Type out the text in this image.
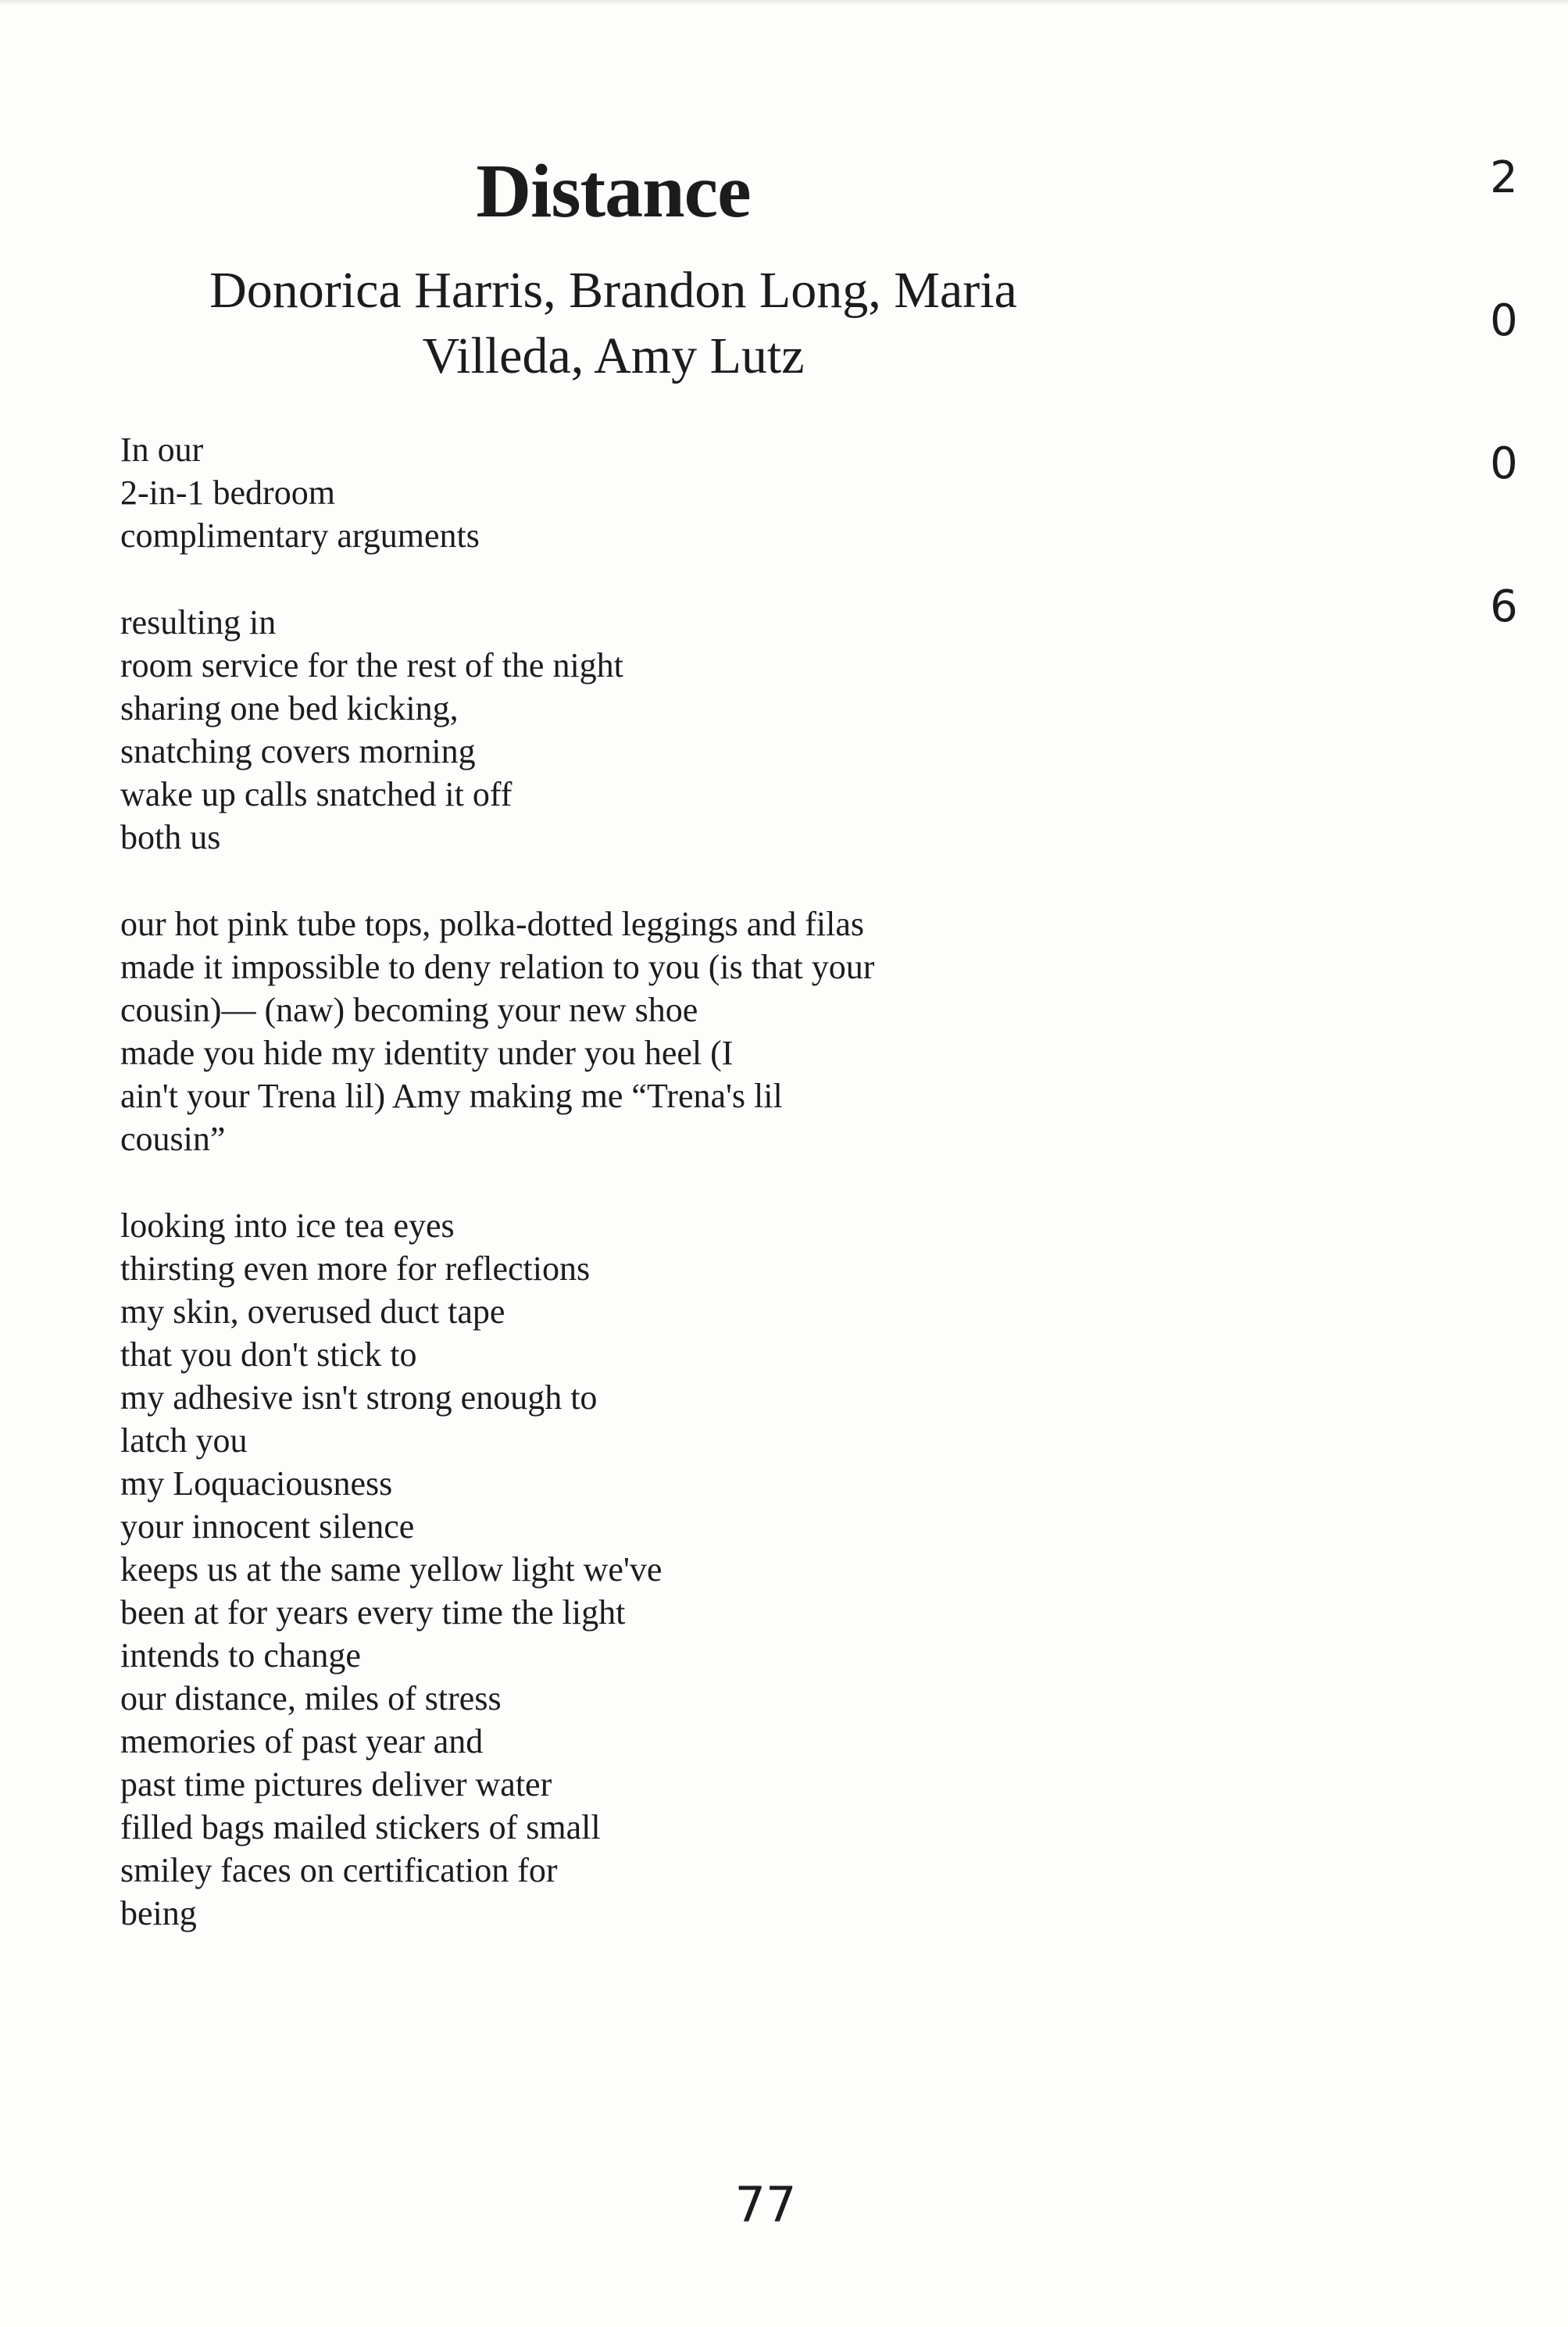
Distance
Donorica Harris, Brandon Long, Maria
Villeda, Amy Lutz
In our
2-in-1 bedroom
complimentary arguments
resulting in
room service for the rest of the night
sharing one bed kicking,
snatching covers morning
wake up calls snatched it off
both us
our hot pink tube tops, polka-dotted leggings and filas
made it impossible to deny relation to you (is that your
cousin)— (naw) becoming your new shoe
made you hide my identity under you heel (I
ain't your Trena lil) Amy making me “Trena's lil
cousin”
looking into ice tea eyes
thirsting even more for reflections
my skin, overused duct tape
that you don't stick to
my adhesive isn't strong enough to
latch you
my Loquaciousness
your innocent silence
keeps us at the same yellow light we've
been at for years every time the light
intends to change
our distance, miles of stress
memories of past year and
past time pictures deliver water
filled bags mailed stickers of small
smiley faces on certification for
being
2
0
0
6
77
